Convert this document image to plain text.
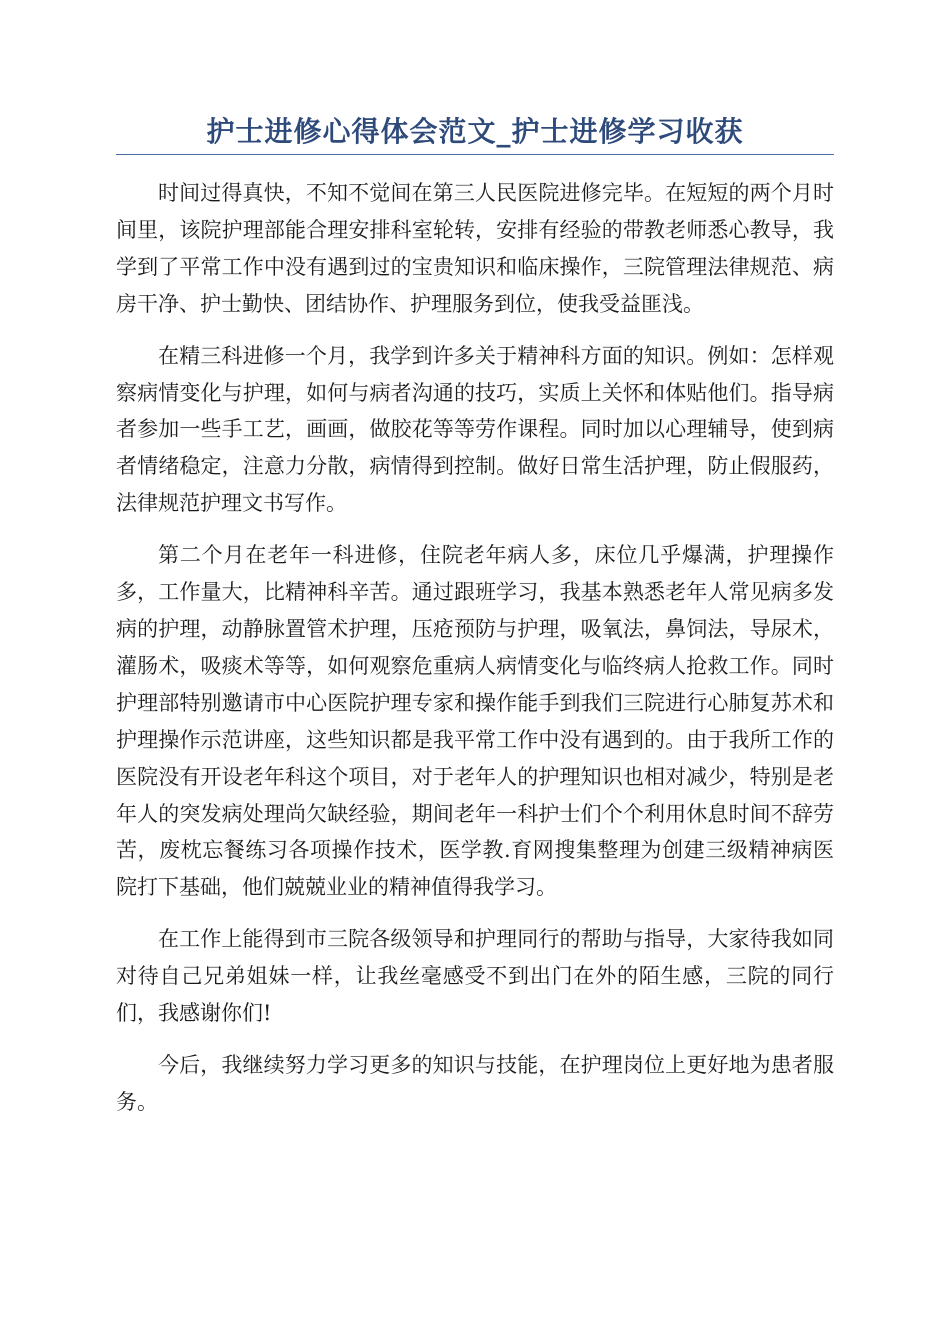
护士进修心得体会范文_护士进修学习收获

时间过得真快，不知不觉间在第三人民医院进修完毕。在短短的两个月时间里，该院护理部能合理安排科室轮转，安排有经验的带教老师悉心教导，我学到了平常工作中没有遇到过的宝贵知识和临床操作，三院管理法律规范、病房干净、护士勤快、团结协作、护理服务到位，使我受益匪浅。

在精三科进修一个月，我学到许多关于精神科方面的知识。例如：怎样观察病情变化与护理，如何与病者沟通的技巧，实质上关怀和体贴他们。指导病者参加一些手工艺，画画，做胶花等等劳作课程。同时加以心理辅导，使到病者情绪稳定，注意力分散，病情得到控制。做好日常生活护理，防止假服药，法律规范护理文书写作。

第二个月在老年一科进修，住院老年病人多，床位几乎爆满，护理操作多，工作量大，比精神科辛苦。通过跟班学习，我基本熟悉老年人常见病多发病的护理，动静脉置管术护理，压疮预防与护理，吸氧法，鼻饲法，导尿术，灌肠术，吸痰术等等，如何观察危重病人病情变化与临终病人抢救工作。同时护理部特别邀请市中心医院护理专家和操作能手到我们三院进行心肺复苏术和护理操作示范讲座，这些知识都是我平常工作中没有遇到的。由于我所工作的医院没有开设老年科这个项目，对于老年人的护理知识也相对减少，特别是老年人的突发病处理尚欠缺经验，期间老年一科护士们个个利用休息时间不辞劳苦，废枕忘餐练习各项操作技术，医学教.育网搜集整理为创建三级精神病医院打下基础，他们兢兢业业的精神值得我学习。

在工作上能得到市三院各级领导和护理同行的帮助与指导，大家待我如同对待自己兄弟姐妹一样，让我丝毫感受不到出门在外的陌生感，三院的同行们，我感谢你们!

今后，我继续努力学习更多的知识与技能，在护理岗位上更好地为患者服务。
